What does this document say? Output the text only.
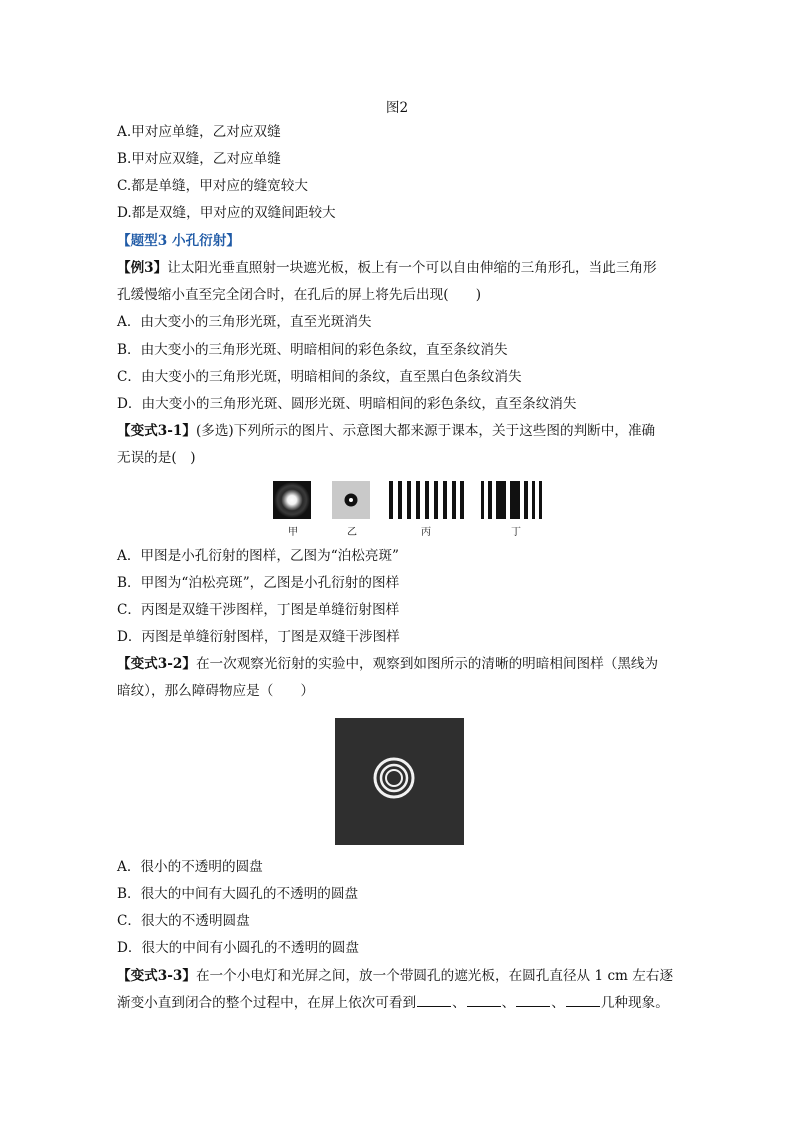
图2
A.甲对应单缝，乙对应双缝
B.甲对应双缝，乙对应单缝
C.都是单缝，甲对应的缝宽较大
D.都是双缝，甲对应的双缝间距较大
【题型3 小孔衍射】
【例3】让太阳光垂直照射一块遮光板，板上有一个可以自由伸缩的三角形孔，当此三角形
孔缓慢缩小直至完全闭合时，在孔后的屏上将先后出现(　　)
A．由大变小的三角形光斑，直至光斑消失
B．由大变小的三角形光斑、明暗相间的彩色条纹，直至条纹消失
C．由大变小的三角形光斑，明暗相间的条纹，直至黑白色条纹消失
D．由大变小的三角形光斑、圆形光斑、明暗相间的彩色条纹，直至条纹消失
【变式3-1】(多选)下列所示的图片、示意图大都来源于课本，关于这些图的判断中，准确
无误的是(　)
甲	乙	丙	丁
A．甲图是小孔衍射的图样，乙图为“泊松亮斑”
B．甲图为“泊松亮斑”，乙图是小孔衍射的图样
C．丙图是双缝干涉图样，丁图是单缝衍射图样
D．丙图是单缝衍射图样，丁图是双缝干涉图样
【变式3-2】在一次观察光衍射的实验中，观察到如图所示的清晰的明暗相间图样（黑线为
暗纹），那么障碍物应是（　　）
A．很小的不透明的圆盘
B．很大的中间有大圆孔的不透明的圆盘
C．很大的不透明圆盘
D．很大的中间有小圆孔的不透明的圆盘
【变式3-3】在一个小电灯和光屏之间，放一个带圆孔的遮光板，在圆孔直径从 1 cm 左右逐
渐变小直到闭合的整个过程中，在屏上依次可看到	、	、	、	几种现象。
